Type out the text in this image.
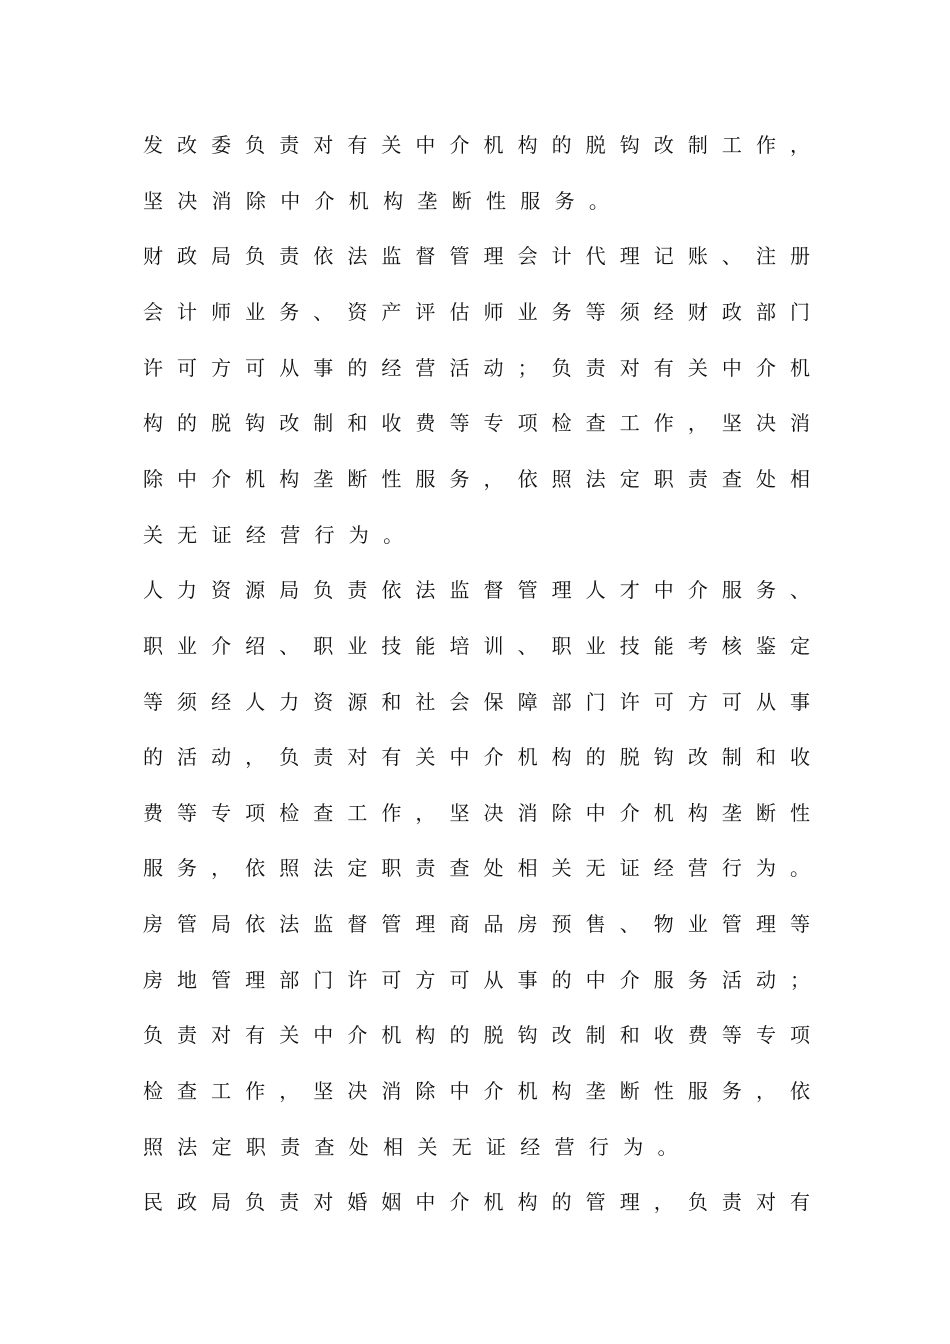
发改委负责对有关中介机构的脱钩改制工作，
坚决消除中介机构垄断性服务。
财政局负责依法监督管理会计代理记账、注册
会计师业务、资产评估师业务等须经财政部门
许可方可从事的经营活动；负责对有关中介机
构的脱钩改制和收费等专项检查工作，坚决消
除中介机构垄断性服务，依照法定职责查处相
关无证经营行为。
人力资源局负责依法监督管理人才中介服务、
职业介绍、职业技能培训、职业技能考核鉴定
等须经人力资源和社会保障部门许可方可从事
的活动，负责对有关中介机构的脱钩改制和收
费等专项检查工作，坚决消除中介机构垄断性
服务，依照法定职责查处相关无证经营行为。
房管局依法监督管理商品房预售、物业管理等
房地管理部门许可方可从事的中介服务活动；
负责对有关中介机构的脱钩改制和收费等专项
检查工作，坚决消除中介机构垄断性服务，依
照法定职责查处相关无证经营行为。
民政局负责对婚姻中介机构的管理，负责对有
